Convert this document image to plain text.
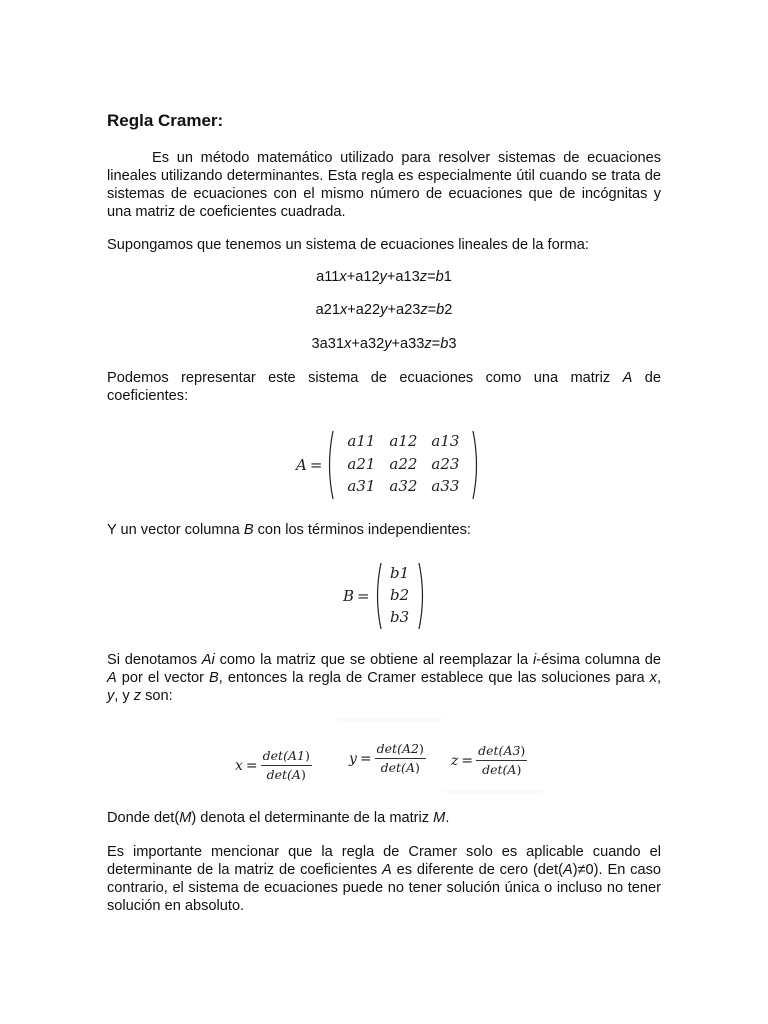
Regla Cramer:

Es un método matemático utilizado para resolver sistemas de ecuaciones lineales utilizando determinantes. Esta regla es especialmente útil cuando se trata de sistemas de ecuaciones con el mismo número de ecuaciones que de incógnitas y una matriz de coeficientes cuadrada.

Supongamos que tenemos un sistema de ecuaciones lineales de la forma:

a11x+a12y+a13z=b1
a21x+a22y+a23z=b2
3a31x+a32y+a33z=b3

Podemos representar este sistema de ecuaciones como una matriz A de coeficientes:

A =
a11 a12 a13
a21 a22 a23
a31 a32 a33

Y un vector columna B con los términos independientes:

B =
b1
b2
b3

Si denotamos Ai como la matriz que se obtiene al reemplazar la i-ésima columna de A por el vector B, entonces la regla de Cramer establece que las soluciones para x, y, y z son:

$x = \frac{\det(A1)}{\det(A)}$	$y = \frac{\det(A2)}{\det(A)}$ $z = \frac{\det(A3)}{\det(A)}$

Donde det(M) denota el determinante de la matriz M.

Es importante mencionar que la regla de Cramer solo es aplicable cuando el determinante de la matriz de coeficientes A es diferente de cero (det(A)≠0). En caso contrario, el sistema de ecuaciones puede no tener solución única o incluso no tener solución en absoluto.
